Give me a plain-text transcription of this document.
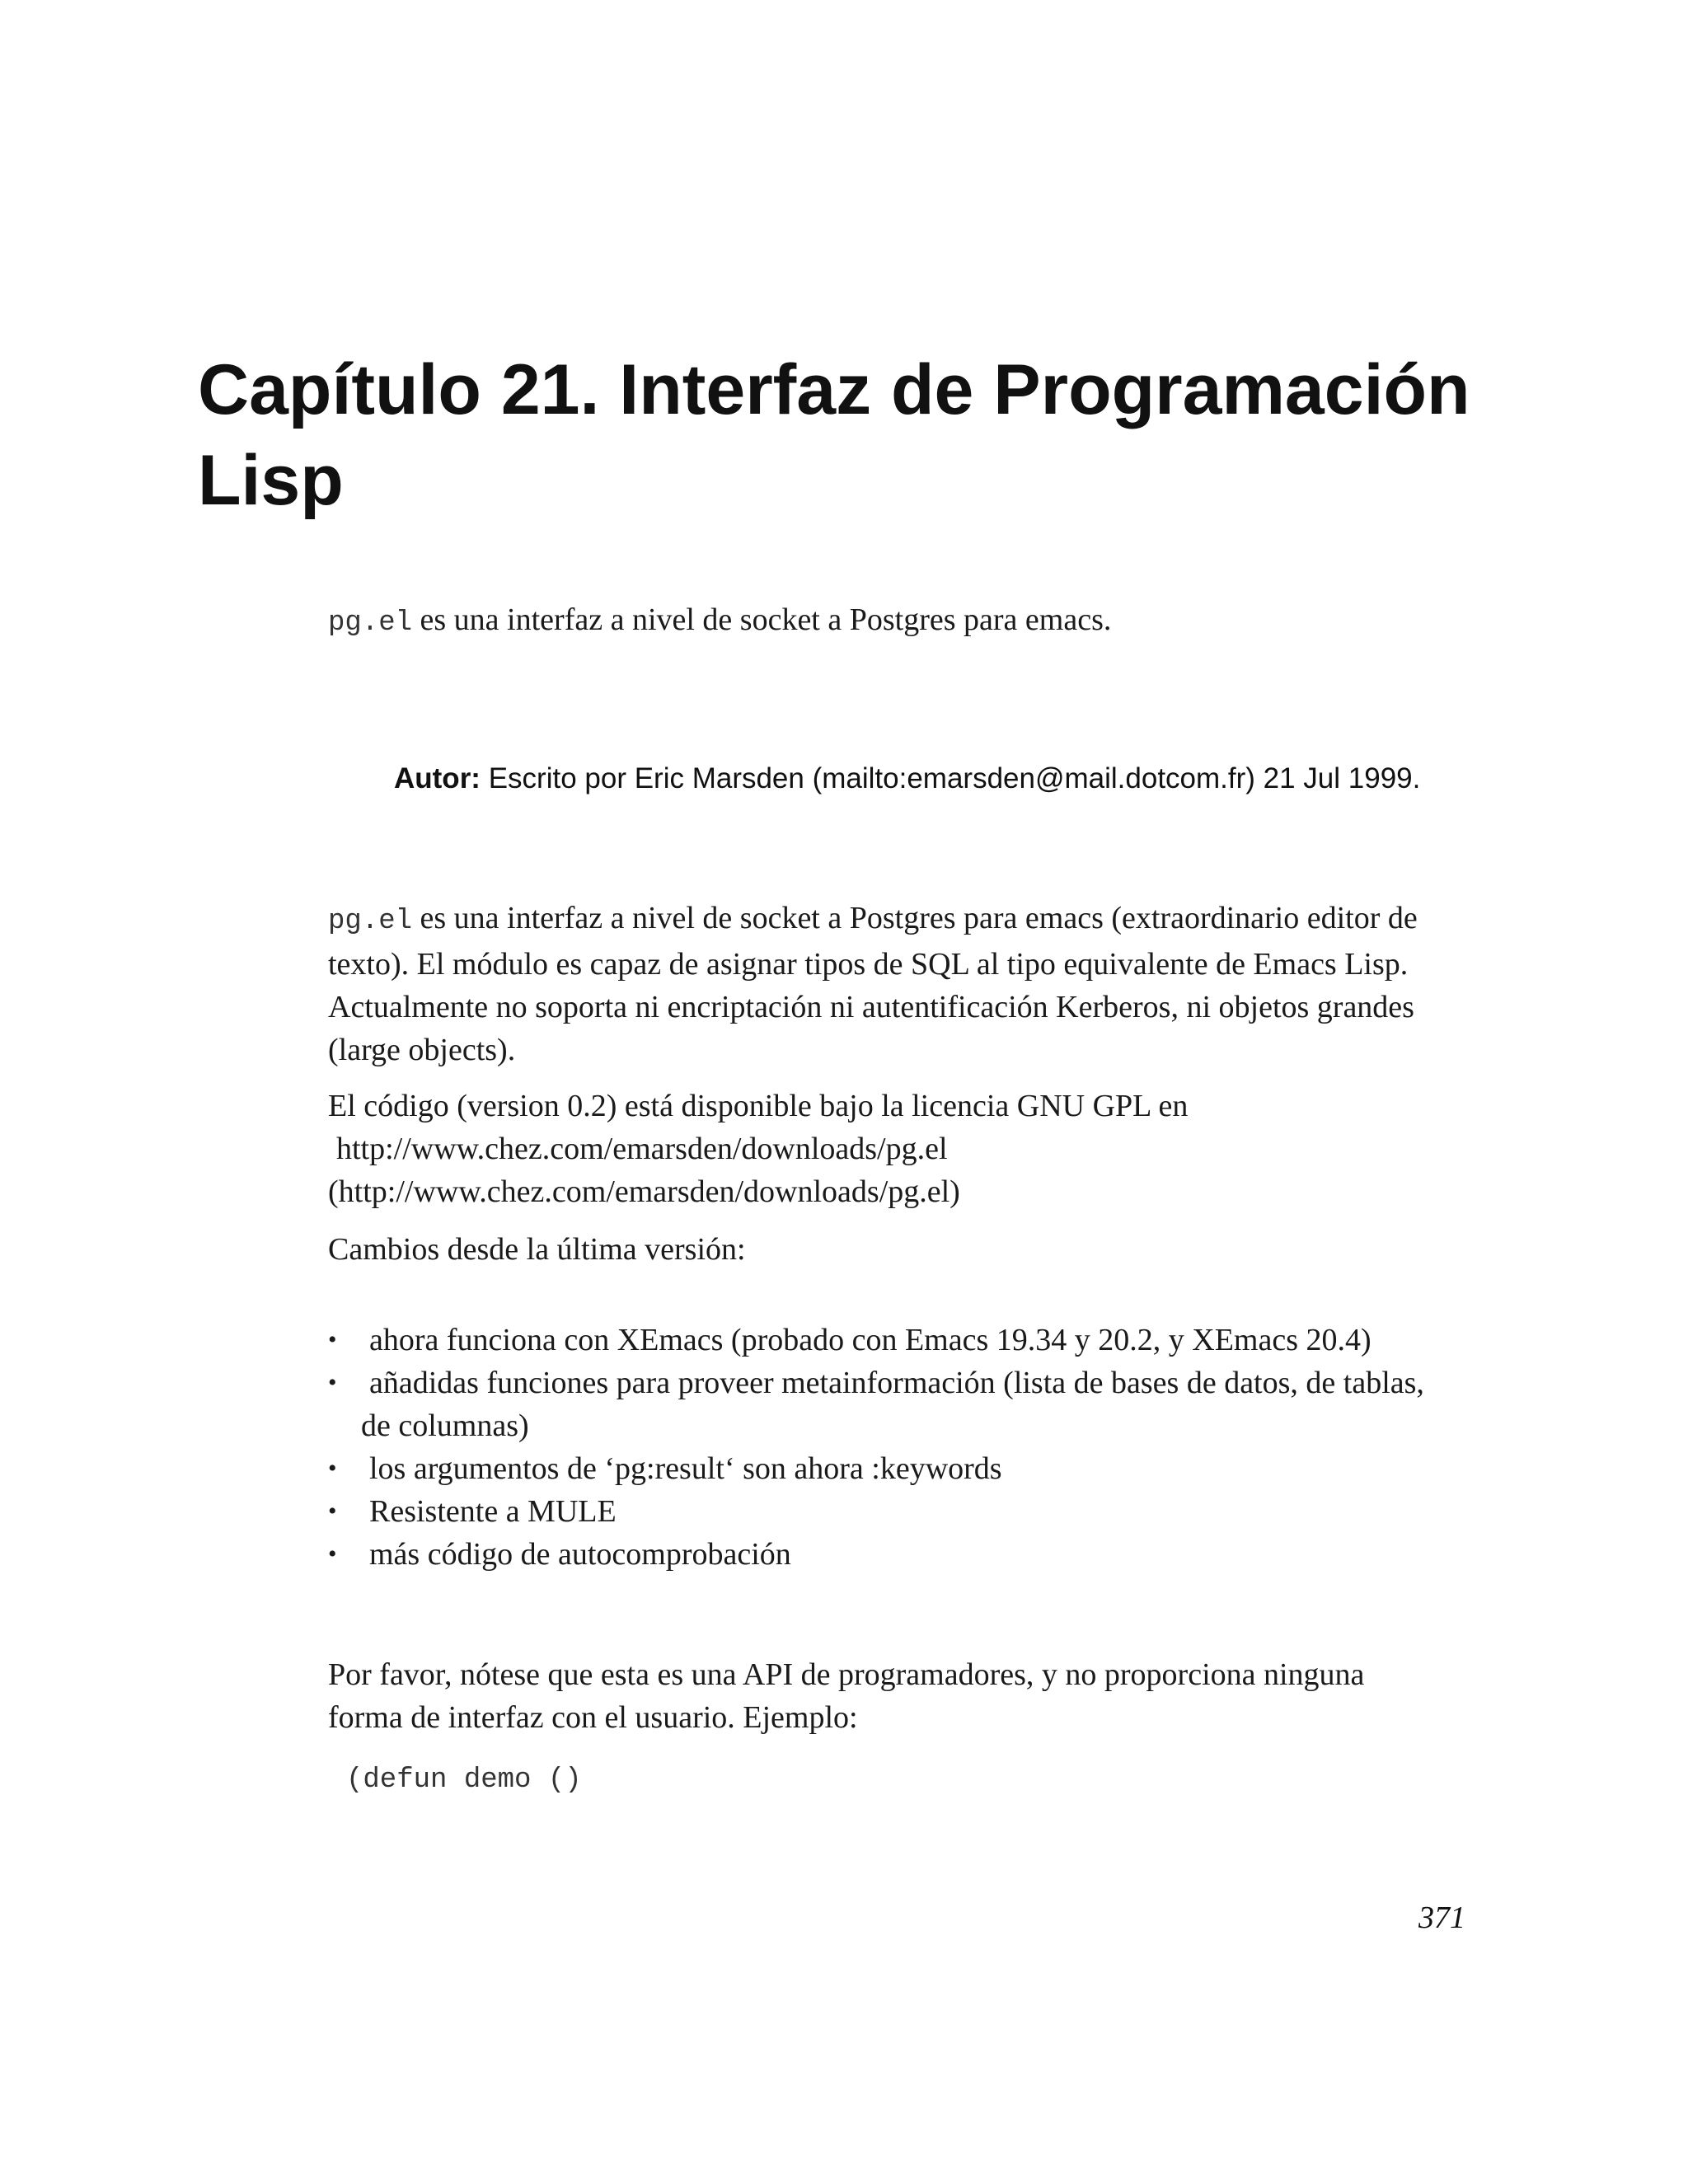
Capítulo 21. Interfaz de Programación
Lisp

pg.el es una interfaz a nivel de socket a Postgres para emacs.

Autor: Escrito por Eric Marsden (mailto:emarsden@mail.dotcom.fr) 21 Jul 1999.

pg.el es una interfaz a nivel de socket a Postgres para emacs (extraordinario editor de
texto). El módulo es capaz de asignar tipos de SQL al tipo equivalente de Emacs Lisp.
Actualmente no soporta ni encriptación ni autentificación Kerberos, ni objetos grandes
(large objects).

El código (version 0.2) está disponible bajo la licencia GNU GPL en
http://www.chez.com/emarsden/downloads/pg.el
(http://www.chez.com/emarsden/downloads/pg.el)

Cambios desde la última versión:

• ahora funciona con XEmacs (probado con Emacs 19.34 y 20.2, y XEmacs 20.4)
• añadidas funciones para proveer metainformación (lista de bases de datos, de tablas,
de columnas)
• los argumentos de ‘pg:result‘ son ahora :keywords
• Resistente a MULE
• más código de autocomprobación

Por favor, nótese que esta es una API de programadores, y no proporciona ninguna
forma de interfaz con el usuario. Ejemplo:

(defun demo ()

371
